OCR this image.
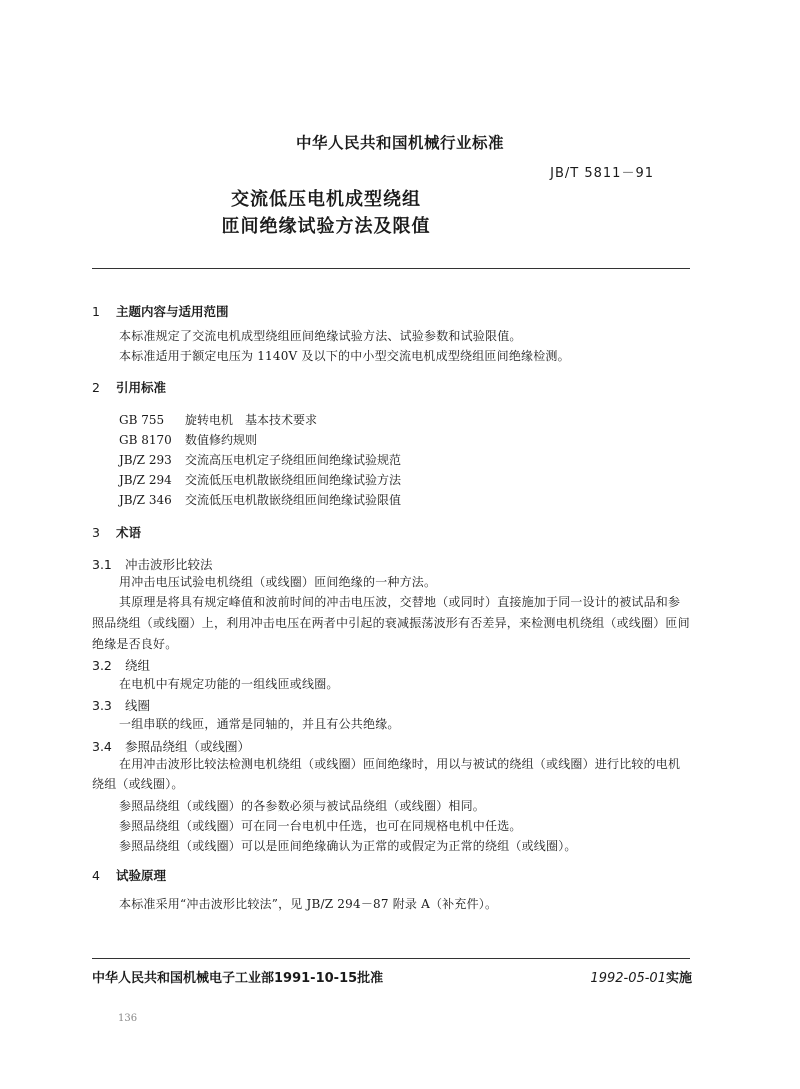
中华人民共和国机械行业标准
JB/T 5811－91
交流低压电机成型绕组
匝间绝缘试验方法及限值
1 主题内容与适用范围
本标准规定了交流电机成型绕组匝间绝缘试验方法、试验参数和试验限值。
本标准适用于额定电压为 1140V 及以下的中小型交流电机成型绕组匝间绝缘检测。
2 引用标准
GB 755 旋转电机　基本技术要求
GB 8170 数值修约规则
JB/Z 293 交流高压电机定子绕组匝间绝缘试验规范
JB/Z 294 交流低压电机散嵌绕组匝间绝缘试验方法
JB/Z 346 交流低压电机散嵌绕组匝间绝缘试验限值
3 术语
3.1 冲击波形比较法
用冲击电压试验电机绕组（或线圈）匝间绝缘的一种方法。
其原理是将具有规定峰值和波前时间的冲击电压波，交替地（或同时）直接施加于同一设计的被试品和参照品绕组（或线圈）上，利用冲击电压在两者中引起的衰减振荡波形有否差异，来检测电机绕组（或线圈）匝间绝缘是否良好。
3.2 绕组
在电机中有规定功能的一组线匝或线圈。
3.3 线圈
一组串联的线匝，通常是同轴的，并且有公共绝缘。
3.4 参照品绕组（或线圈）
在用冲击波形比较法检测电机绕组（或线圈）匝间绝缘时，用以与被试的绕组（或线圈）进行比较的电机绕组（或线圈）。
参照品绕组（或线圈）的各参数必须与被试品绕组（或线圈）相同。
参照品绕组（或线圈）可在同一台电机中任选，也可在同规格电机中任选。
参照品绕组（或线圈）可以是匝间绝缘确认为正常的或假定为正常的绕组（或线圈）。
4 试验原理
本标准采用“冲击波形比较法”，见 JB/Z 294－87 附录 A（补充件）。
中华人民共和国机械电子工业部1991-10-15批准	1992-05-01实施
136
